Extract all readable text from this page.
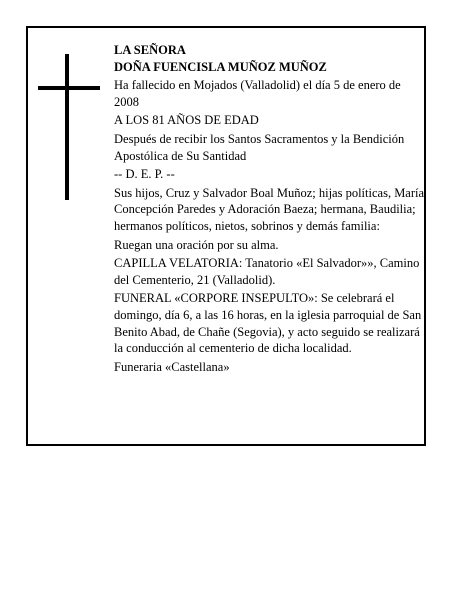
LA SEÑORA

DOÑA FUENCISLA MUÑOZ MUÑOZ

Ha fallecido en Mojados (Valladolid) el día 5 de enero de 2008

A LOS 81 AÑOS DE EDAD

Después de recibir los Santos Sacramentos y la Bendición Apostólica de Su Santidad

-- D. E. P. --

Sus hijos, Cruz y Salvador Boal Muñoz; hijas políticas, María Concepción Paredes y Adoración Baeza; hermana, Baudilia; hermanos políticos, nietos, sobrinos y demás familia:

Ruegan una oración por su alma.

CAPILLA VELATORIA: Tanatorio «El Salvador»», Camino del Cementerio, 21 (Valladolid).

FUNERAL «CORPORE INSEPULTO»: Se celebrará el domingo, día 6, a las 16 horas, en la iglesia parroquial de San Benito Abad, de Chañe (Segovia), y acto seguido se realizará la conducción al cementerio de dicha localidad.

Funeraria «Castellana»
